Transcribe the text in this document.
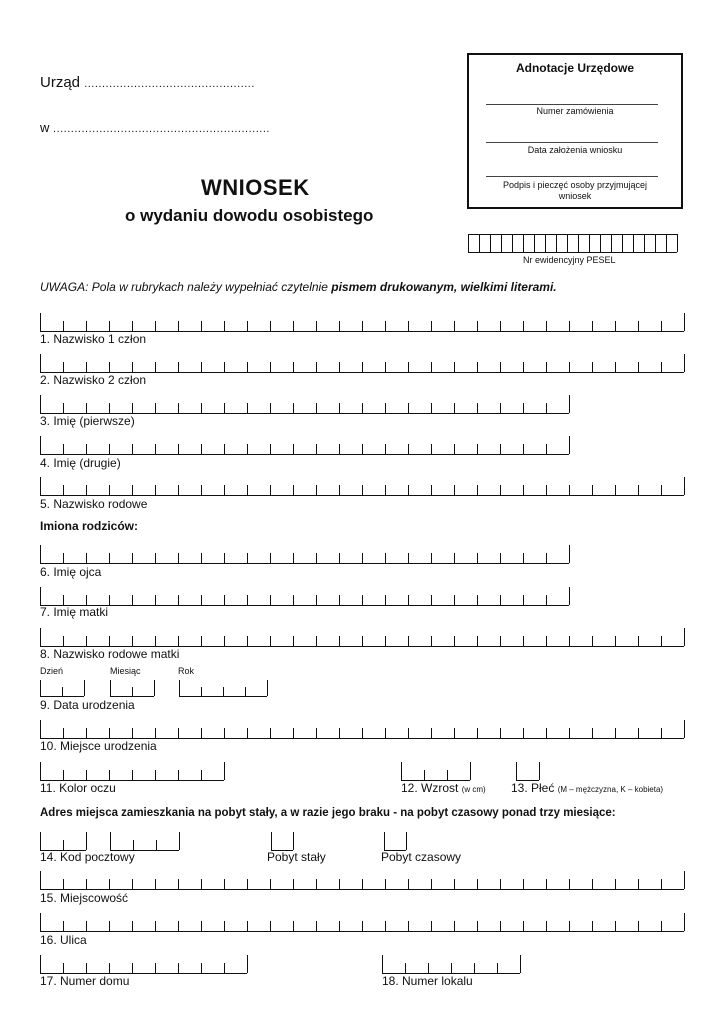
Urząd ................................................
w .............................................................
WNIOSEK
o wydaniu dowodu osobistego
Adnotacje Urzędowe
Numer zamówienia
Data założenia wniosku
Podpis i pieczęć osoby przyjmującej
wniosek
Nr ewidencyjny PESEL
UWAGA: Pola w rubrykach należy wypełniać czytelnie pismem drukowanym, wielkimi literami.
1. Nazwisko 1 człon
2. Nazwisko 2 człon
3. Imię (pierwsze)
4. Imię (drugie)
5. Nazwisko rodowe
Imiona rodziców:
6. Imię ojca
7. Imię matki
8. Nazwisko rodowe matki
Dzień	Miesiąc	Rok
9. Data urodzenia
10. Miejsce urodzenia
11. Kolor oczu	12. Wzrost (w cm) 13. Płeć (M – mężczyzna, K – kobieta)
Adres miejsca zamieszkania na pobyt stały, a w razie jego braku - na pobyt czasowy ponad trzy miesiące:
14. Kod pocztowy	Pobyt stały	Pobyt czasowy
15. Miejscowość
16. Ulica
17. Numer domu	18. Numer lokalu
